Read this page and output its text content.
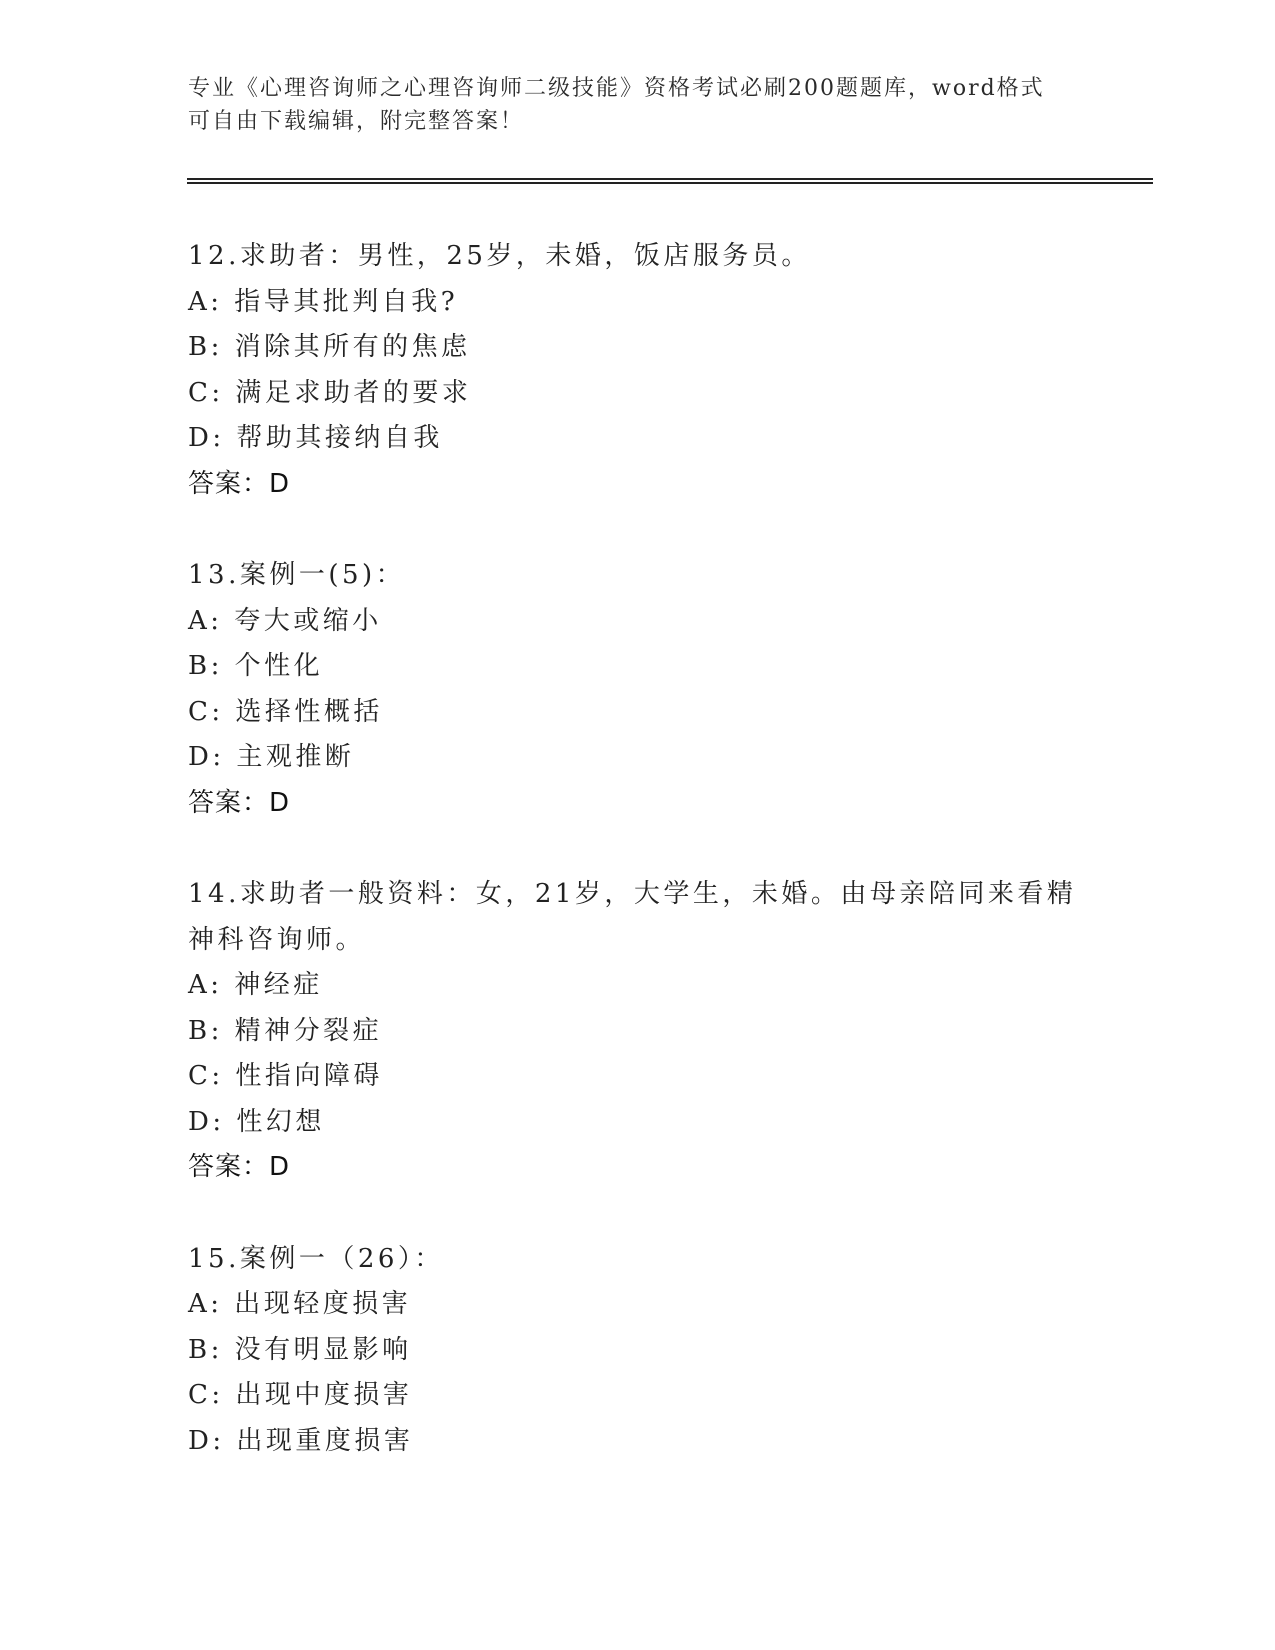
专业《心理咨询师之心理咨询师二级技能》资格考试必刷200题题库，word格式
可自由下载编辑，附完整答案！
12.求助者：男性，25岁，未婚，饭店服务员。
A: 指导其批判自我?
B: 消除其所有的焦虑
C: 满足求助者的要求
D: 帮助其接纳自我
答案：D
13.案例一(5)：
A: 夸大或缩小
B: 个性化
C: 选择性概括
D: 主观推断
答案：D
14.求助者一般资料：女，21岁，大学生，未婚。由母亲陪同来看精神科咨询师。
A: 神经症
B: 精神分裂症
C: 性指向障碍
D: 性幻想
答案：D
15.案例一（26）：
A: 出现轻度损害
B: 没有明显影响
C: 出现中度损害
D: 出现重度损害
